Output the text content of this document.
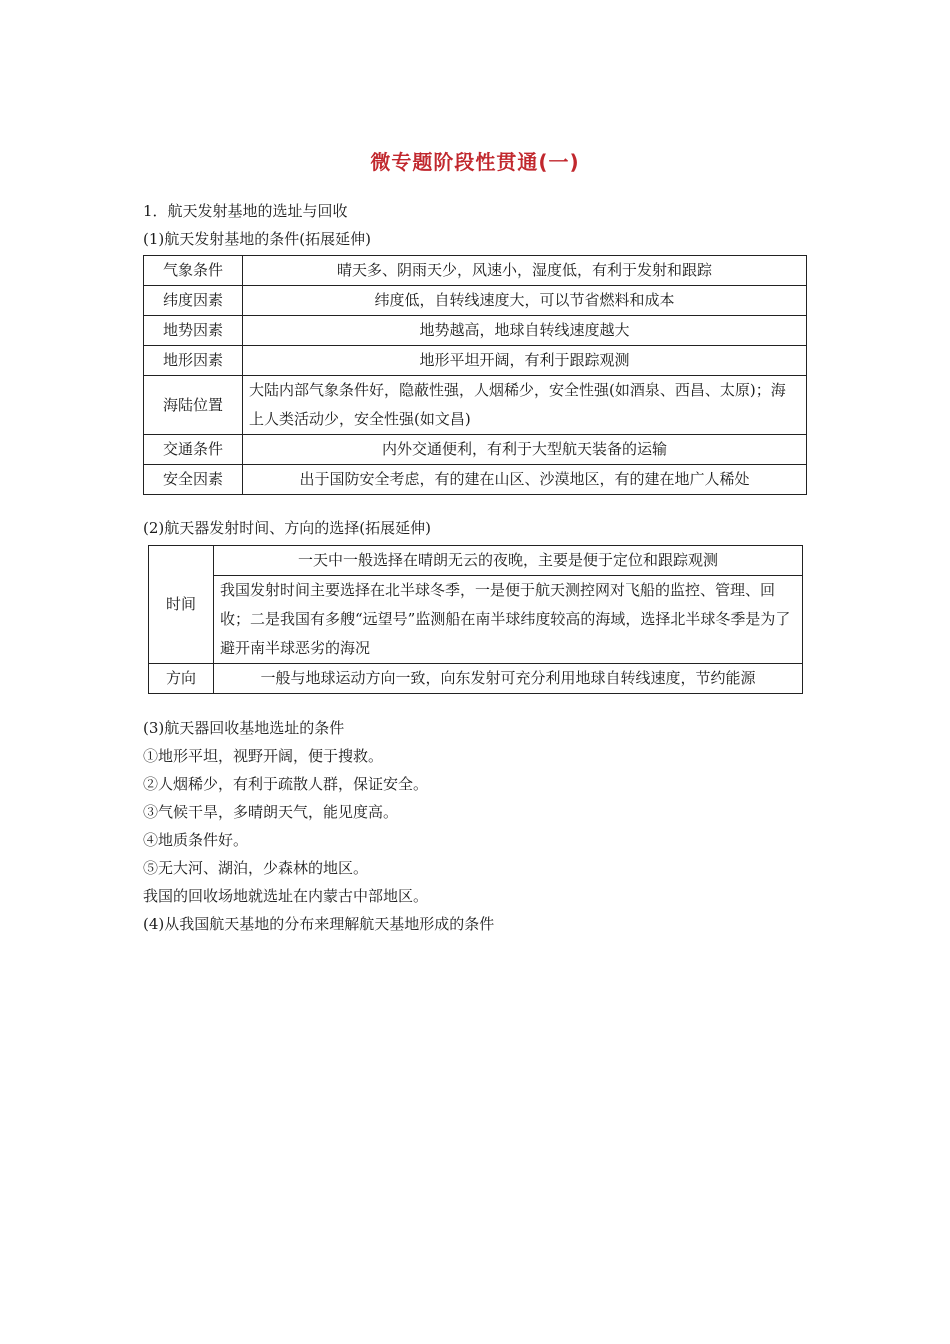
微专题阶段性贯通(一)
1．航天发射基地的选址与回收
(1)航天发射基地的条件(拓展延伸)
气象条件	晴天多、阴雨天少，风速小，湿度低，有利于发射和跟踪
纬度因素	纬度低，自转线速度大，可以节省燃料和成本
地势因素	地势越高，地球自转线速度越大
地形因素	地形平坦开阔，有利于跟踪观测
海陆位置	大陆内部气象条件好，隐蔽性强，人烟稀少，安全性强(如酒泉、西昌、太原)；海上人类活动少，安全性强(如文昌)
交通条件	内外交通便利，有利于大型航天装备的运输
安全因素	出于国防安全考虑，有的建在山区、沙漠地区，有的建在地广人稀处
(2)航天器发射时间、方向的选择(拓展延伸)
时间	一天中一般选择在晴朗无云的夜晚，主要是便于定位和跟踪观测
	我国发射时间主要选择在北半球冬季，一是便于航天测控网对飞船的监控、管理、回收；二是我国有多艘“远望号”监测船在南半球纬度较高的海域，选择北半球冬季是为了避开南半球恶劣的海况
方向	一般与地球运动方向一致，向东发射可充分利用地球自转线速度，节约能源
(3)航天器回收基地选址的条件
①地形平坦，视野开阔，便于搜救。
②人烟稀少，有利于疏散人群，保证安全。
③气候干旱，多晴朗天气，能见度高。
④地质条件好。
⑤无大河、湖泊，少森林的地区。
我国的回收场地就选址在内蒙古中部地区。
(4)从我国航天基地的分布来理解航天基地形成的条件
